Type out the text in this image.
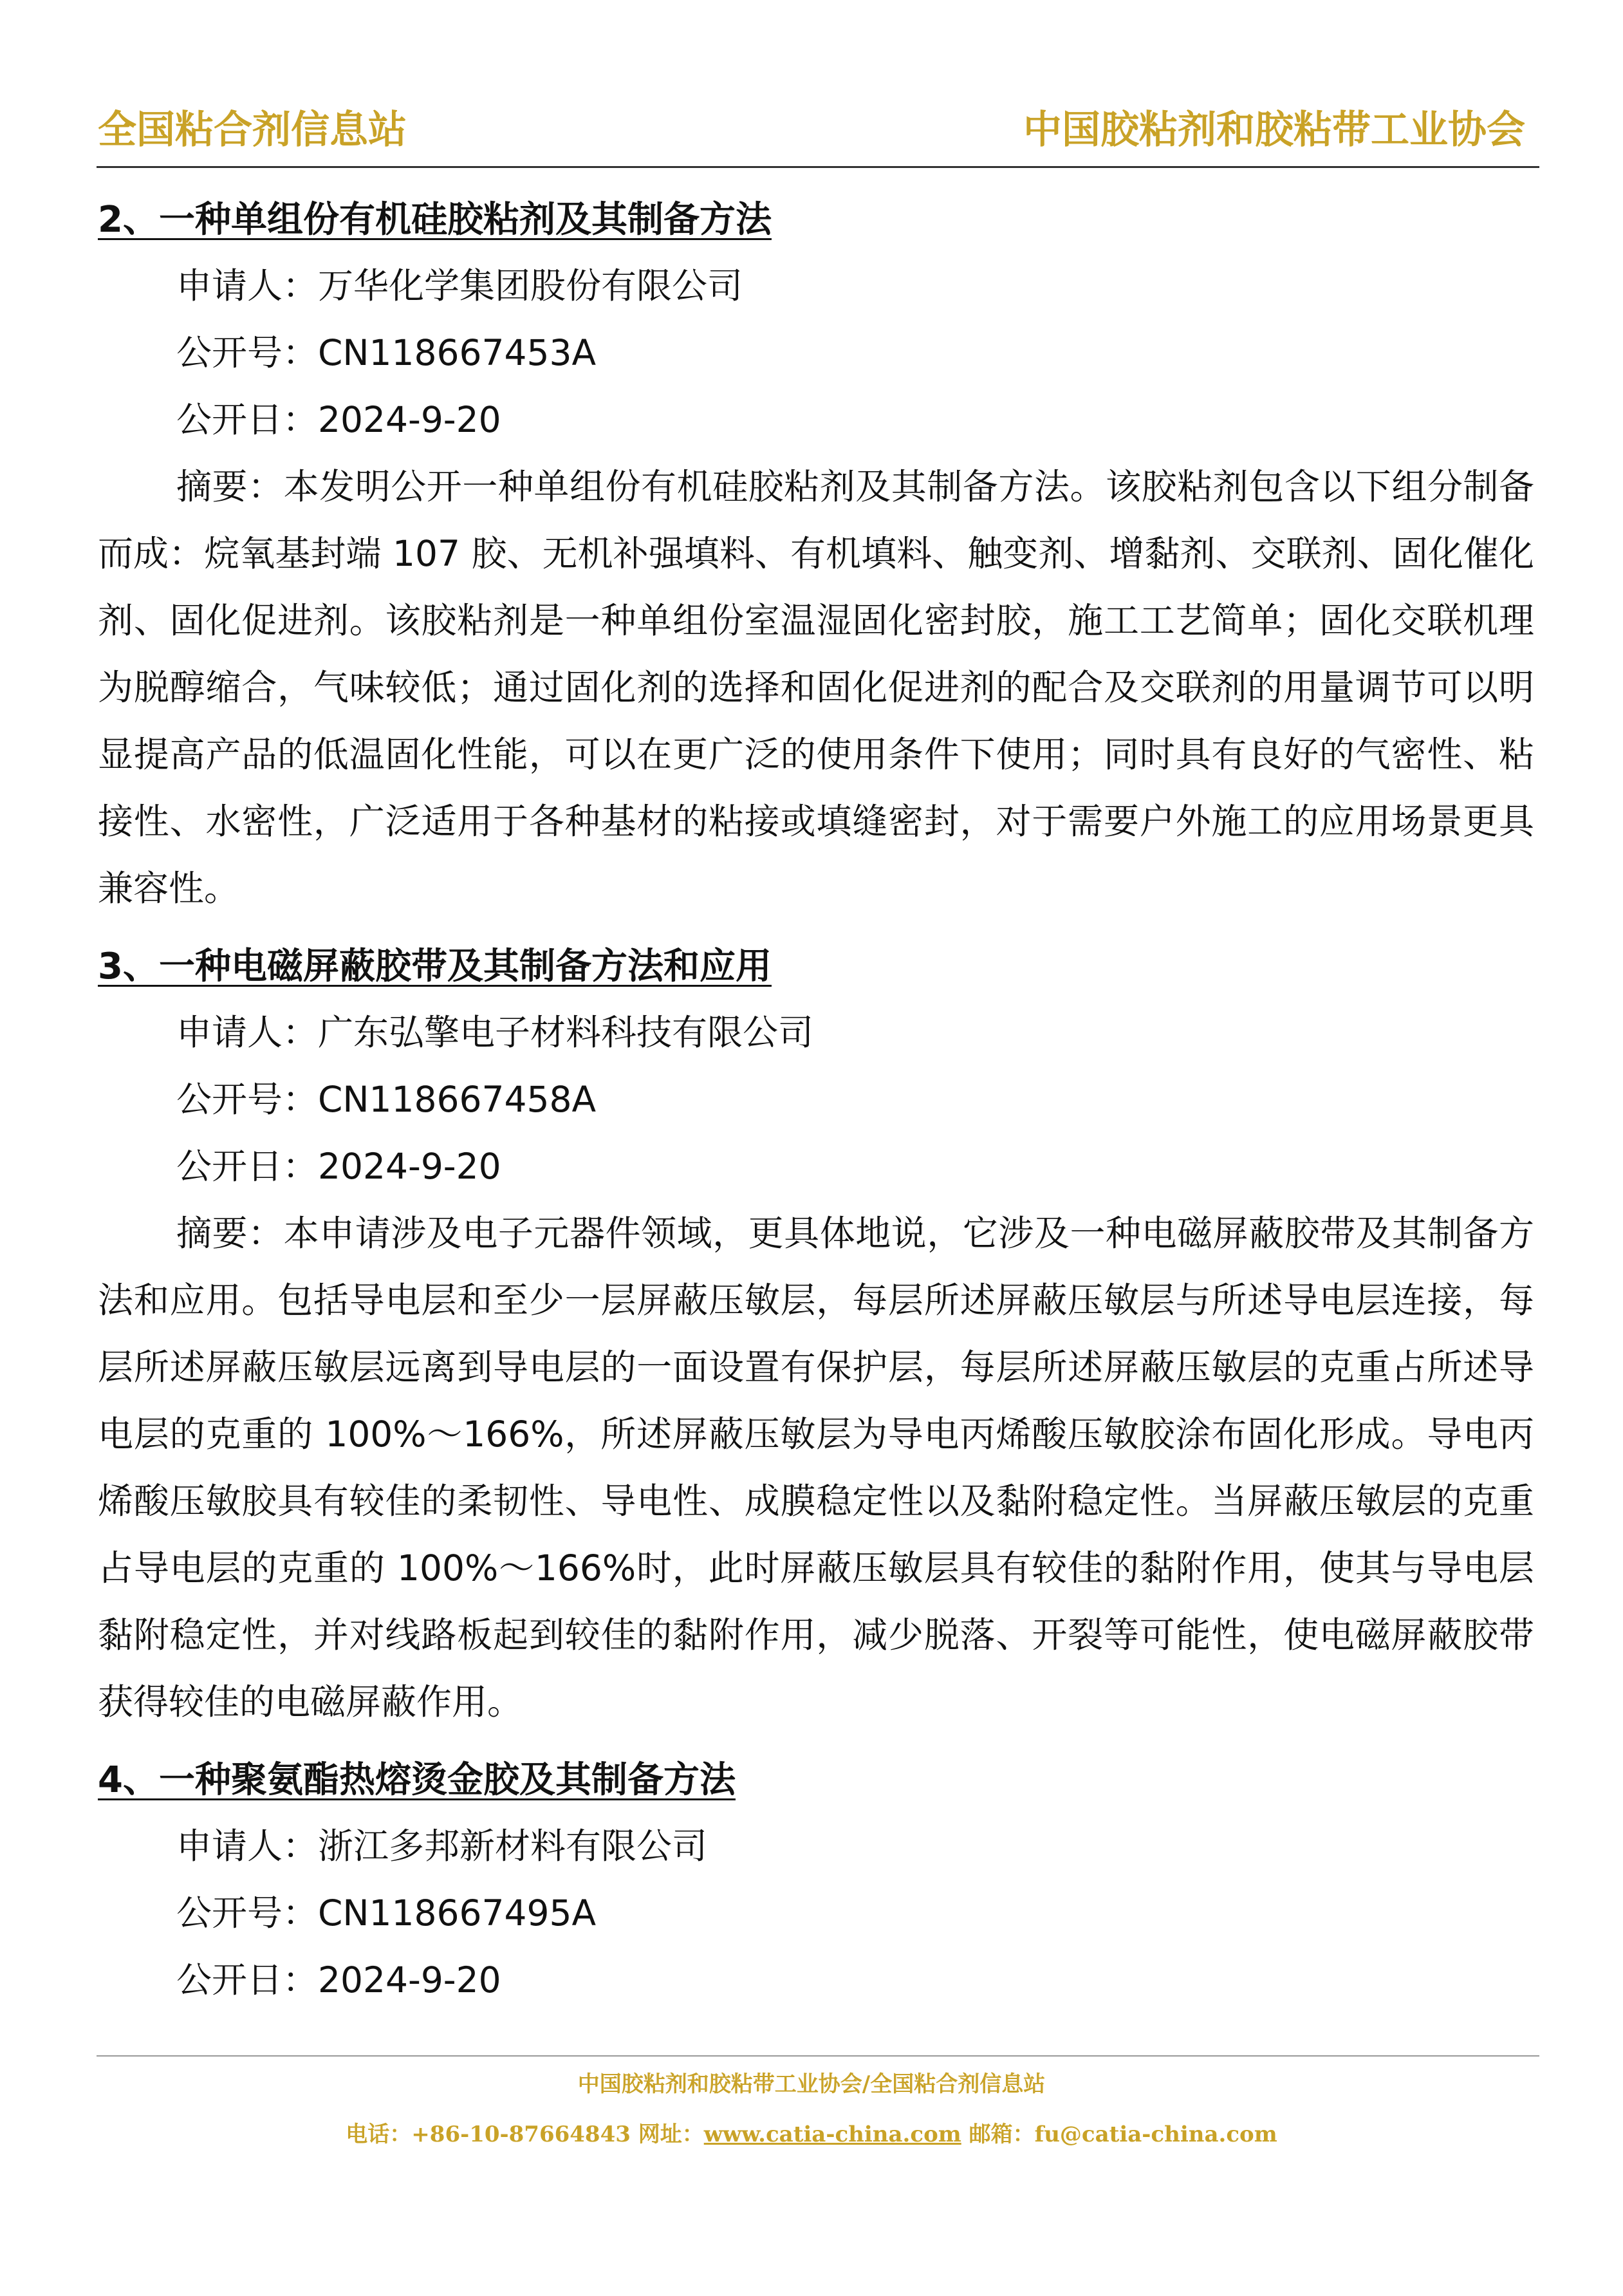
全国粘合剂信息站	中国胶粘剂和胶粘带工业协会
2、一种单组份有机硅胶粘剂及其制备方法

申请人：万华化学集团股份有限公司

公开号：CN118667453A

公开日：2024-9-20

摘要：本发明公开一种单组份有机硅胶粘剂及其制备方法。该胶粘剂包含以下组分制备而成：烷氧基封端 107 胶、无机补强填料、有机填料、触变剂、增黏剂、交联剂、固化催化剂、固化促进剂。该胶粘剂是一种单组份室温湿固化密封胶，施工工艺简单；固化交联机理为脱醇缩合，气味较低；通过固化剂的选择和固化促进剂的配合及交联剂的用量调节可以明显提高产品的低温固化性能，可以在更广泛的使用条件下使用；同时具有良好的气密性、粘接性、水密性，广泛适用于各种基材的粘接或填缝密封，对于需要户外施工的应用场景更具兼容性。

3、一种电磁屏蔽胶带及其制备方法和应用

申请人：广东弘擎电子材料科技有限公司

公开号：CN118667458A

公开日：2024-9-20

摘要：本申请涉及电子元器件领域，更具体地说，它涉及一种电磁屏蔽胶带及其制备方法和应用。包括导电层和至少一层屏蔽压敏层，每层所述屏蔽压敏层与所述导电层连接，每层所述屏蔽压敏层远离到导电层的一面设置有保护层，每层所述屏蔽压敏层的克重占所述导电层的克重的 100%～166%，所述屏蔽压敏层为导电丙烯酸压敏胶涂布固化形成。导电丙烯酸压敏胶具有较佳的柔韧性、导电性、成膜稳定性以及黏附稳定性。当屏蔽压敏层的克重占导电层的克重的 100%～166%时，此时屏蔽压敏层具有较佳的黏附作用，使其与导电层黏附稳定性，并对线路板起到较佳的黏附作用，减少脱落、开裂等可能性，使电磁屏蔽胶带获得较佳的电磁屏蔽作用。

4、一种聚氨酯热熔烫金胶及其制备方法

申请人：浙江多邦新材料有限公司

公开号：CN118667495A

公开日：2024-9-20

中国胶粘剂和胶粘带工业协会/全国粘合剂信息站
电话：+86-10-87664843 网址：www.catia-china.com 邮箱：fu@catia-china.com
